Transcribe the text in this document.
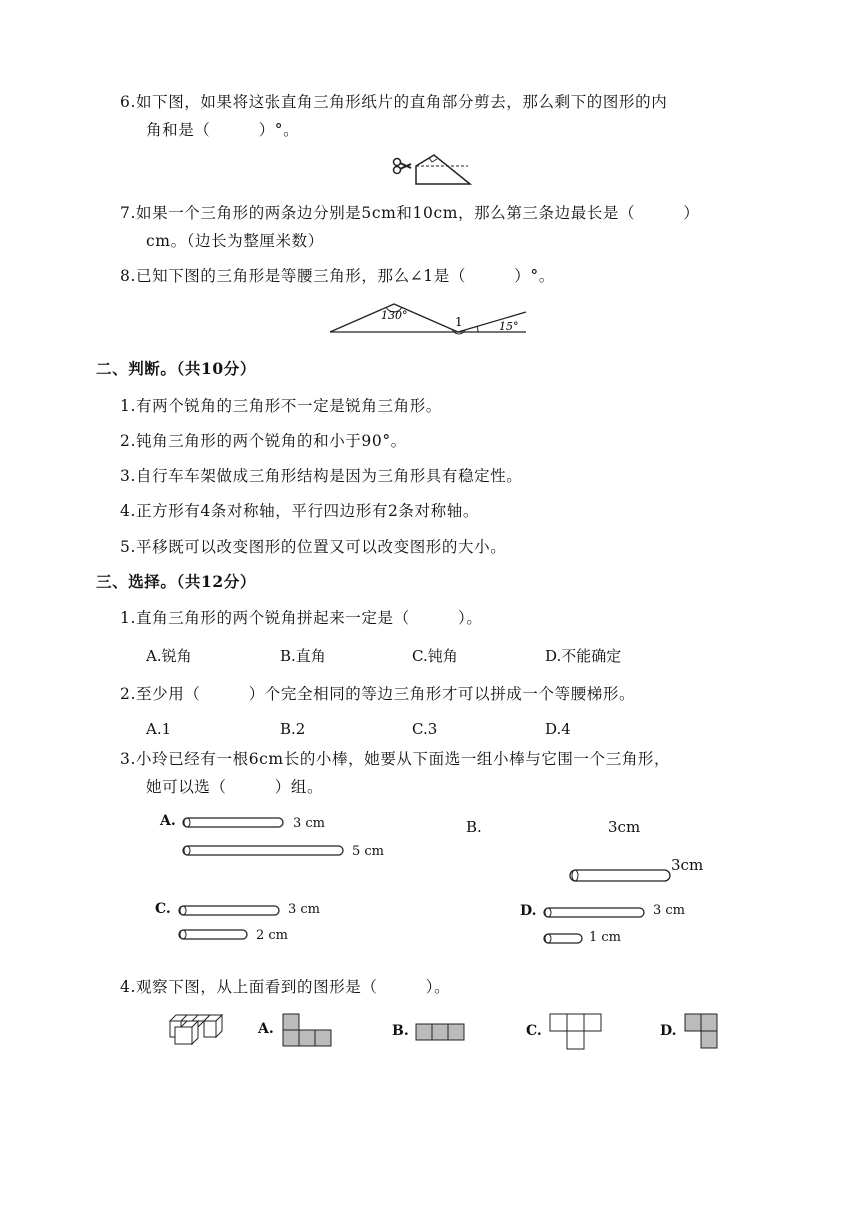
6.如下图，如果将这张直角三角形纸片的直角部分剪去，那么剩下的图形的内
角和是（　　　）°。
7.如果一个三角形的两条边分别是5cm和10cm，那么第三条边最长是（　　　）
cm。（边长为整厘米数）
8.已知下图的三角形是等腰三角形，那么∠1是（　　　）°。
130°	1	15°
二、判断。（共10分）
1.有两个锐角的三角形不一定是锐角三角形。
2.钝角三角形的两个锐角的和小于90°。
3.自行车车架做成三角形结构是因为三角形具有稳定性。
4.正方形有4条对称轴，平行四边形有2条对称轴。
5.平移既可以改变图形的位置又可以改变图形的大小。
三、选择。（共12分）
1.直角三角形的两个锐角拼起来一定是（　　　）。
A.锐角	B.直角	C.钝角	D.不能确定
2.至少用（　　　）个完全相同的等边三角形才可以拼成一个等腰梯形。
A.1	B.2	C.3	D.4
3.小玲已经有一根6cm长的小棒，她要从下面选一组小棒与它围一个三角形，
她可以选（　　　）组。
A.	3 cm
5 cm
B.	3cm
3cm
C.	3 cm
2 cm
D.	3 cm
1 cm
4.观察下图，从上面看到的图形是（　　　）。
A.	B.	C.	D.
